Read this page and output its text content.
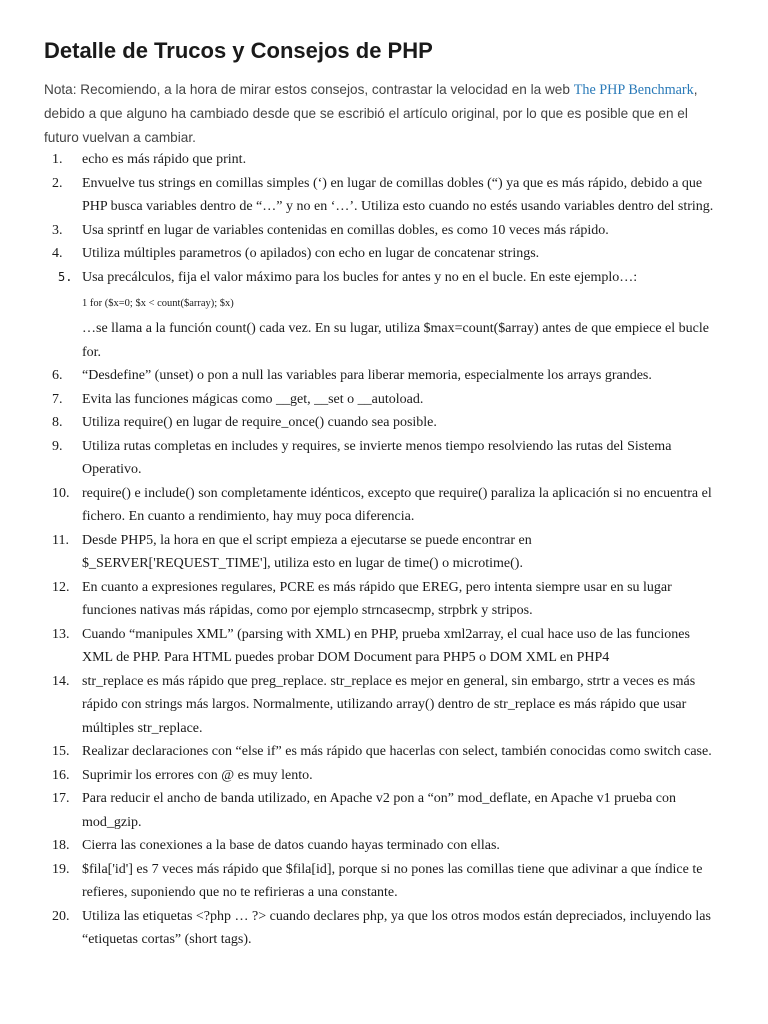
Detalle de Trucos y Consejos de PHP

Nota: Recomiendo, a la hora de mirar estos consejos, contrastar la velocidad en la web The PHP Benchmark, debido a que alguno ha cambiado desde que se escribió el artículo original, por lo que es posible que en el futuro vuelvan a cambiar.

1.	echo es más rápido que print.
2.	Envuelve tus strings en comillas simples (‘) en lugar de comillas dobles (“) ya que es más rápido, debido a que PHP busca variables dentro de “…” y no en ‘…’. Utiliza esto cuando no estés usando variables dentro del string.
3.	Usa sprintf en lugar de variables contenidas en comillas dobles, es como 10 veces más rápido.
4.	Utiliza múltiples parametros (o apilados) con echo en lugar de concatenar strings.
5. Usa precálculos, fija el valor máximo para los bucles for antes y no en el bucle. En este ejemplo…:
1 for ($x=0; $x < count($array); $x)
…se llama a la función count() cada vez. En su lugar, utiliza $max=count($array) antes de que empiece el bucle for.
6.	“Desdefine” (unset) o pon a null las variables para liberar memoria, especialmente los arrays grandes.
7.	Evita las funciones mágicas como __get, __set o __autoload.
8.	Utiliza require() en lugar de require_once() cuando sea posible.
9.	Utiliza rutas completas en includes y requires, se invierte menos tiempo resolviendo las rutas del Sistema Operativo.
10. require() e include() son completamente idénticos, excepto que require() paraliza la aplicación si no encuentra el fichero. En cuanto a rendimiento, hay muy poca diferencia.
11. Desde PHP5, la hora en que el script empieza a ejecutarse se puede encontrar en $_SERVER['REQUEST_TIME'], utiliza esto en lugar de time() o microtime().
12. En cuanto a expresiones regulares, PCRE es más rápido que EREG, pero intenta siempre usar en su lugar funciones nativas más rápidas, como por ejemplo strncasecmp, strpbrk y stripos.
13. Cuando “manipules XML” (parsing with XML) en PHP, prueba xml2array, el cual hace uso de las funciones XML de PHP. Para HTML puedes probar DOM Document para PHP5 o DOM XML en PHP4
14. str_replace es más rápido que preg_replace. str_replace es mejor en general, sin embargo, strtr a veces es más rápido con strings más largos. Normalmente, utilizando array() dentro de str_replace es más rápido que usar múltiples str_replace.
15. Realizar declaraciones con “else if” es más rápido que hacerlas con select, también conocidas como switch case.
16. Suprimir los errores con @ es muy lento.
17. Para reducir el ancho de banda utilizado, en Apache v2 pon a “on” mod_deflate, en Apache v1 prueba con mod_gzip.
18. Cierra las conexiones a la base de datos cuando hayas terminado con ellas.
19. $fila['id'] es 7 veces más rápido que $fila[id], porque si no pones las comillas tiene que adivinar a que índice te refieres, suponiendo que no te refirieras a una constante.
20. Utiliza las etiquetas <?php … ?> cuando declares php, ya que los otros modos están depreciados, incluyendo las “etiquetas cortas” (short tags).
